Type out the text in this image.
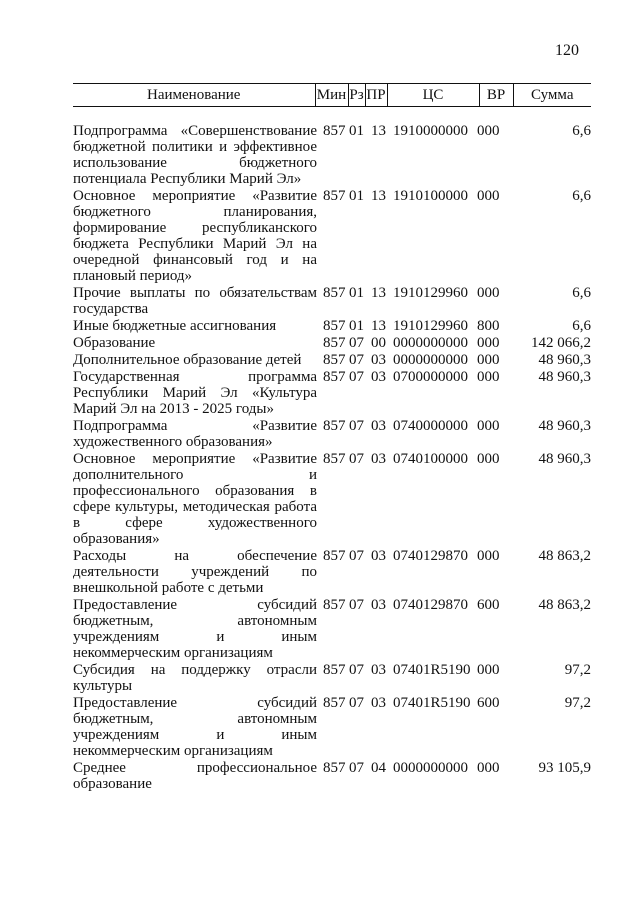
120
Наименование	Мин	Рз	ПР	ЦС	ВР	Сумма
Подпрограмма «Совершенствование бюджетной политики и эффективное использование бюджетного потенциала Республики Марий Эл»	857	01	13	1910000000	000	6,6
Основное мероприятие «Развитие бюджетного планирования, формирование республиканского бюджета Республики Марий Эл на очередной финансовый год и на плановый период»	857	01	13	1910100000	000	6,6
Прочие выплаты по обязательствам государства	857	01	13	1910129960	000	6,6
Иные бюджетные ассигнования	857	01	13	1910129960	800	6,6
Образование	857	07	00	0000000000	000	142 066,2
Дополнительное образование детей	857	07	03	0000000000	000	48 960,3
Государственная программа Республики Марий Эл «Культура Марий Эл на 2013 - 2025 годы»	857	07	03	0700000000	000	48 960,3
Подпрограмма «Развитие художественного образования»	857	07	03	0740000000	000	48 960,3
Основное мероприятие «Развитие дополнительного и профессионального образования в сфере культуры, методическая работа в сфере художественного образования»	857	07	03	0740100000	000	48 960,3
Расходы на обеспечение деятельности учреждений по внешкольной работе с детьми	857	07	03	0740129870	000	48 863,2
Предоставление субсидий бюджетным, автономным учреждениям и иным некоммерческим организациям	857	07	03	0740129870	600	48 863,2
Субсидия на поддержку отрасли культуры	857	07	03	07401R5190	000	97,2
Предоставление субсидий бюджетным, автономным учреждениям и иным некоммерческим организациям	857	07	03	07401R5190	600	97,2
Среднее профессиональное образование	857	07	04	0000000000	000	93 105,9
